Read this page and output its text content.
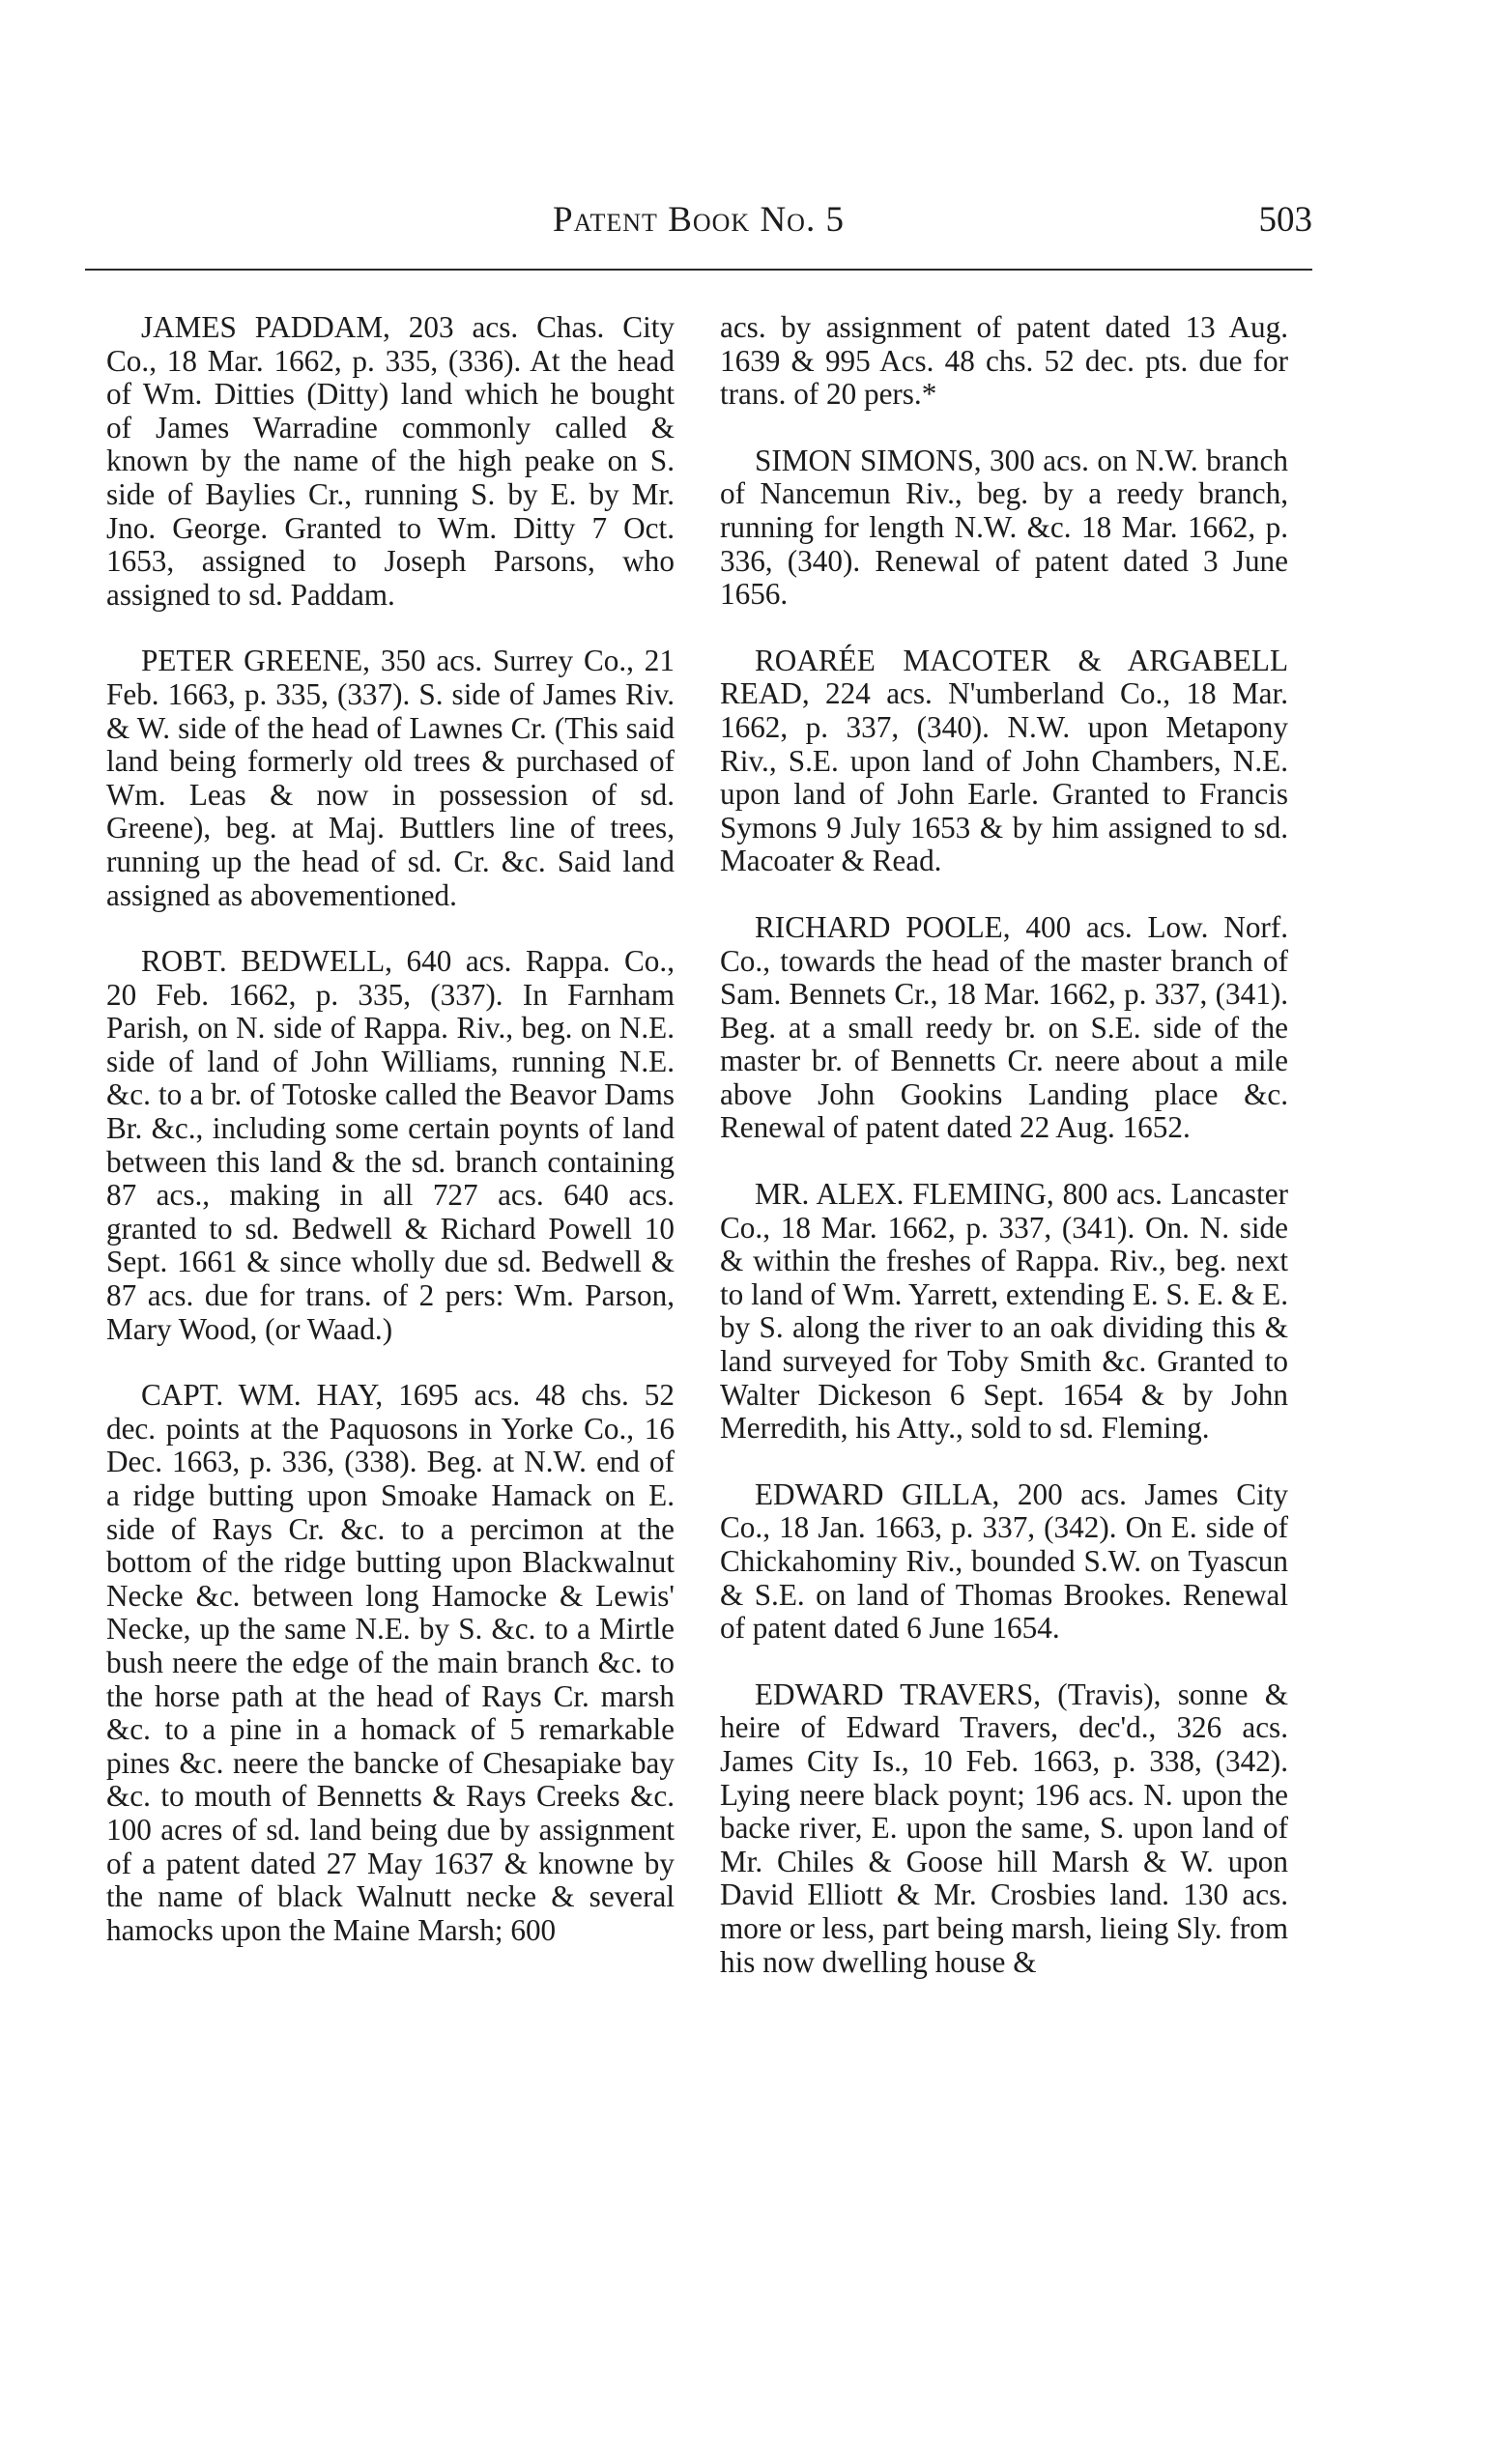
Patent Book No. 5	503

JAMES PADDAM, 203 acs. Chas. City Co., 18 Mar. 1662, p. 335, (336). At the head of Wm. Ditties (Ditty) land which he bought of James Warradine commonly called & known by the name of the high peake on S. side of Baylies Cr., running S. by E. by Mr. Jno. George. Granted to Wm. Ditty 7 Oct. 1653, assigned to Joseph Parsons, who assigned to sd. Paddam.

PETER GREENE, 350 acs. Surrey Co., 21 Feb. 1663, p. 335, (337). S. side of James Riv. & W. side of the head of Lawnes Cr. (This said land being formerly old trees & purchased of Wm. Leas & now in possession of sd. Greene), beg. at Maj. Buttlers line of trees, running up the head of sd. Cr. &c. Said land assigned as abovementioned.

ROBT. BEDWELL, 640 acs. Rappa. Co., 20 Feb. 1662, p. 335, (337). In Farnham Parish, on N. side of Rappa. Riv., beg. on N.E. side of land of John Williams, running N.E. &c. to a br. of Totoske called the Beavor Dams Br. &c., including some certain poynts of land between this land & the sd. branch containing 87 acs., making in all 727 acs. 640 acs. granted to sd. Bedwell & Richard Powell 10 Sept. 1661 & since wholly due sd. Bedwell & 87 acs. due for trans. of 2 pers: Wm. Parson, Mary Wood, (or Waad.)

CAPT. WM. HAY, 1695 acs. 48 chs. 52 dec. points at the Paquosons in Yorke Co., 16 Dec. 1663, p. 336, (338). Beg. at N.W. end of a ridge butting upon Smoake Hamack on E. side of Rays Cr. &c. to a percimon at the bottom of the ridge butting upon Blackwalnut Necke &c. between long Hamocke & Lewis' Necke, up the same N.E. by S. &c. to a Mirtle bush neere the edge of the main branch &c. to the horse path at the head of Rays Cr. marsh &c. to a pine in a homack of 5 remarkable pines &c. neere the bancke of Chesapiake bay &c. to mouth of Bennetts & Rays Creeks &c. 100 acres of sd. land being due by assignment of a patent dated 27 May 1637 & knowne by the name of black Walnutt necke & several hamocks upon the Maine Marsh; 600

acs. by assignment of patent dated 13 Aug. 1639 & 995 Acs. 48 chs. 52 dec. pts. due for trans. of 20 pers.*

SIMON SIMONS, 300 acs. on N.W. branch of Nancemun Riv., beg. by a reedy branch, running for length N.W. &c. 18 Mar. 1662, p. 336, (340). Renewal of patent dated 3 June 1656.

ROARÉE MACOTER & ARGABELL READ, 224 acs. N'umberland Co., 18 Mar. 1662, p. 337, (340). N.W. upon Metapony Riv., S.E. upon land of John Chambers, N.E. upon land of John Earle. Granted to Francis Symons 9 July 1653 & by him assigned to sd. Macoater & Read.

RICHARD POOLE, 400 acs. Low. Norf. Co., towards the head of the master branch of Sam. Bennets Cr., 18 Mar. 1662, p. 337, (341). Beg. at a small reedy br. on S.E. side of the master br. of Bennetts Cr. neere about a mile above John Gookins Landing place &c. Renewal of patent dated 22 Aug. 1652.

MR. ALEX. FLEMING, 800 acs. Lancaster Co., 18 Mar. 1662, p. 337, (341). On. N. side & within the freshes of Rappa. Riv., beg. next to land of Wm. Yarrett, extending E. S. E. & E. by S. along the river to an oak dividing this & land surveyed for Toby Smith &c. Granted to Walter Dickeson 6 Sept. 1654 & by John Merredith, his Atty., sold to sd. Fleming.

EDWARD GILLA, 200 acs. James City Co., 18 Jan. 1663, p. 337, (342). On E. side of Chickahominy Riv., bounded S.W. on Tyascun & S.E. on land of Thomas Brookes. Renewal of patent dated 6 June 1654.

EDWARD TRAVERS, (Travis), sonne & heire of Edward Travers, dec'd., 326 acs. James City Is., 10 Feb. 1663, p. 338, (342). Lying neere black poynt; 196 acs. N. upon the backe river, E. upon the same, S. upon land of Mr. Chiles & Goose hill Marsh & W. upon David Elliott & Mr. Crosbies land. 130 acs. more or less, part being marsh, lieing Sly. from his now dwelling house &
